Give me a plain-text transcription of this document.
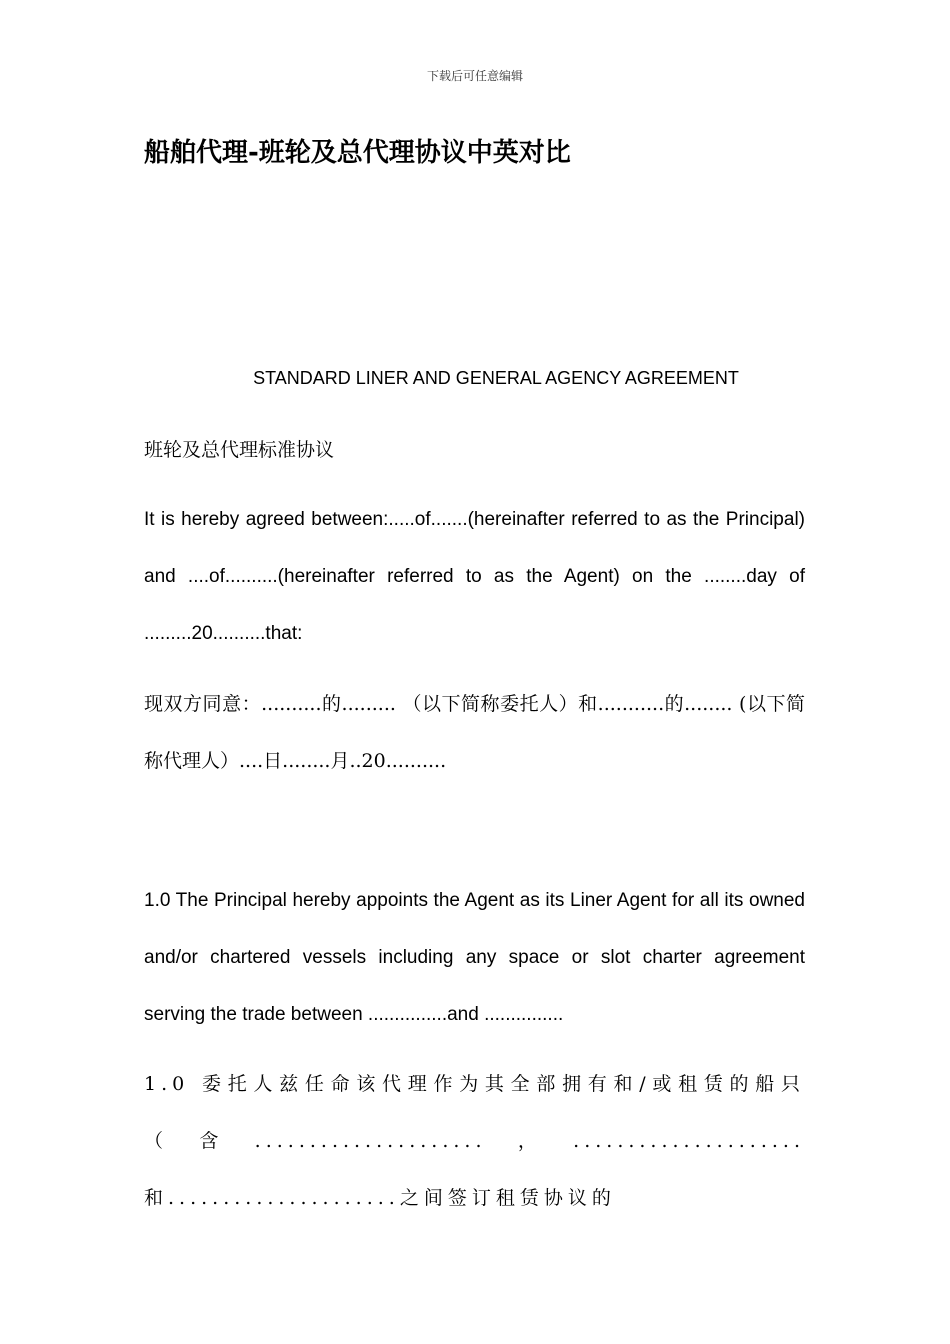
下载后可任意编辑
船舶代理-班轮及总代理协议中英对比
STANDARD LINER AND GENERAL AGENCY AGREEMENT

班轮及总代理标准协议

It is hereby agreed between:.....of.......(hereinafter referred to as the Principal) and ....of..........(hereinafter referred to as the Agent) on the ........day of .........20..........that:

现双方同意：..........的......... （以下简称委托人）和...........的........ (以下简称代理人）....日........月..20..........

1.0 The Principal hereby appoints the Agent as its Liner Agent for all its owned and/or chartered vessels including any space or slot charter agreement serving the trade between ...............and ...............

1.0 委托人兹任命该代理作为其全部拥有和/或租赁的船只（含.....................，.....................和.....................之间签订租赁协议的
